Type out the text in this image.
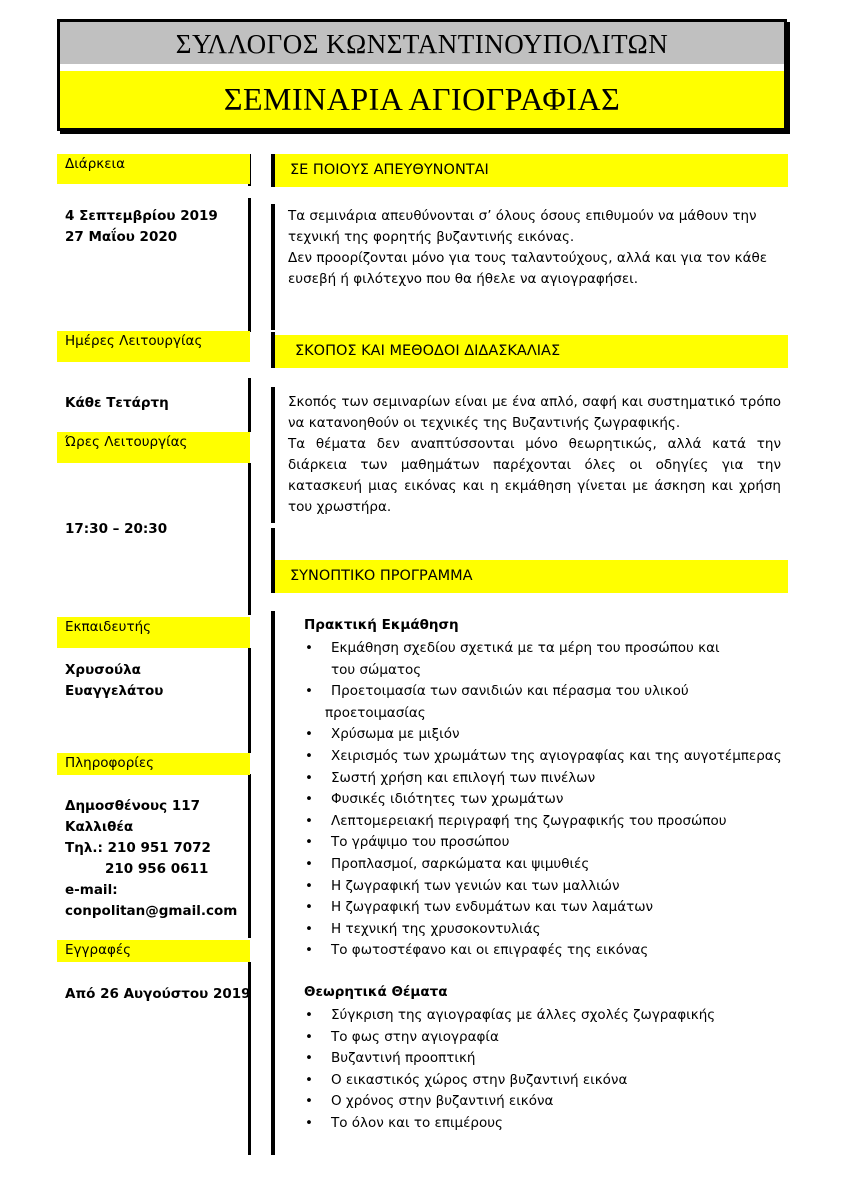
ΣΥΛΛΟΓΟΣ ΚΩΝΣΤΑΝΤΙΝΟΥΠΟΛΙΤΩΝ
ΣΕΜΙΝΑΡΙΑ ΑΓΙΟΓΡΑΦΙΑΣ
Διάρκεια
4 Σεπτεμβρίου 2019
27 Μαΐου 2020
Ημέρες Λειτουργίας
Κάθε Τετάρτη
Ώρες Λειτουργίας
17:30 – 20:30
Εκπαιδευτής
Χρυσούλα
Ευαγγελάτου
Πληροφορίες
Δημοσθένους 117
Καλλιθέα
Τηλ.: 210 951 7072
210 956 0611
e-mail:
conpolitan@gmail.com
Εγγραφές
Από 26 Αυγούστου 2019
ΣΕ ΠΟΙΟΥΣ ΑΠΕΥΘΥΝΟΝΤΑΙ
Τα σεμινάρια απευθύνονται σ’ όλους όσους επιθυμούν να μάθουν την τεχνική της φορητής βυζαντινής εικόνας.
Δεν προορίζονται μόνο για τους ταλαντούχους, αλλά και για τον κάθε ευσεβή ή φιλότεχνο που θα ήθελε να αγιογραφήσει.
ΣΚΟΠΟΣ ΚΑΙ ΜΕΘΟΔΟΙ ΔΙΔΑΣΚΑΛΙΑΣ
Σκοπός των σεμιναρίων είναι με ένα απλό, σαφή και συστηματικό τρόπο να κατανοηθούν οι τεχνικές της Βυζαντινής ζωγραφικής.
Τα θέματα δεν αναπτύσσονται μόνο θεωρητικώς, αλλά κατά την διάρκεια των μαθημάτων παρέχονται όλες οι οδηγίες για την κατασκευή μιας εικόνας και η εκμάθηση γίνεται με άσκηση και χρήση του χρωστήρα.
ΣΥΝΟΠΤΙΚΟ ΠΡΟΓΡΑΜΜΑ
Πρακτική Εκμάθηση
• Εκμάθηση σχεδίου σχετικά με τα μέρη του προσώπου και
του σώματος
• Προετοιμασία των σανιδιών και πέρασμα του υλικού
προετοιμασίας
• Χρύσωμα με μιξιόν
• Χειρισμός των χρωμάτων της αγιογραφίας και της αυγοτέμπερας
• Σωστή χρήση και επιλογή των πινέλων
• Φυσικές ιδιότητες των χρωμάτων
• Λεπτομερειακή περιγραφή της ζωγραφικής του προσώπου
• Το γράψιμο του προσώπου
• Προπλασμοί, σαρκώματα και ψιμυθιές
• Η ζωγραφική των γενιών και των μαλλιών
• Η ζωγραφική των ενδυμάτων και των λαμάτων
• Η τεχνική της χρυσοκοντυλιάς
• Το φωτοστέφανο και οι επιγραφές της εικόνας
Θεωρητικά Θέματα
• Σύγκριση της αγιογραφίας με άλλες σχολές ζωγραφικής
• Το φως στην αγιογραφία
• Βυζαντινή προοπτική
• Ο εικαστικός χώρος στην βυζαντινή εικόνα
• Ο χρόνος στην βυζαντινή εικόνα
• Το όλον και το επιμέρους
